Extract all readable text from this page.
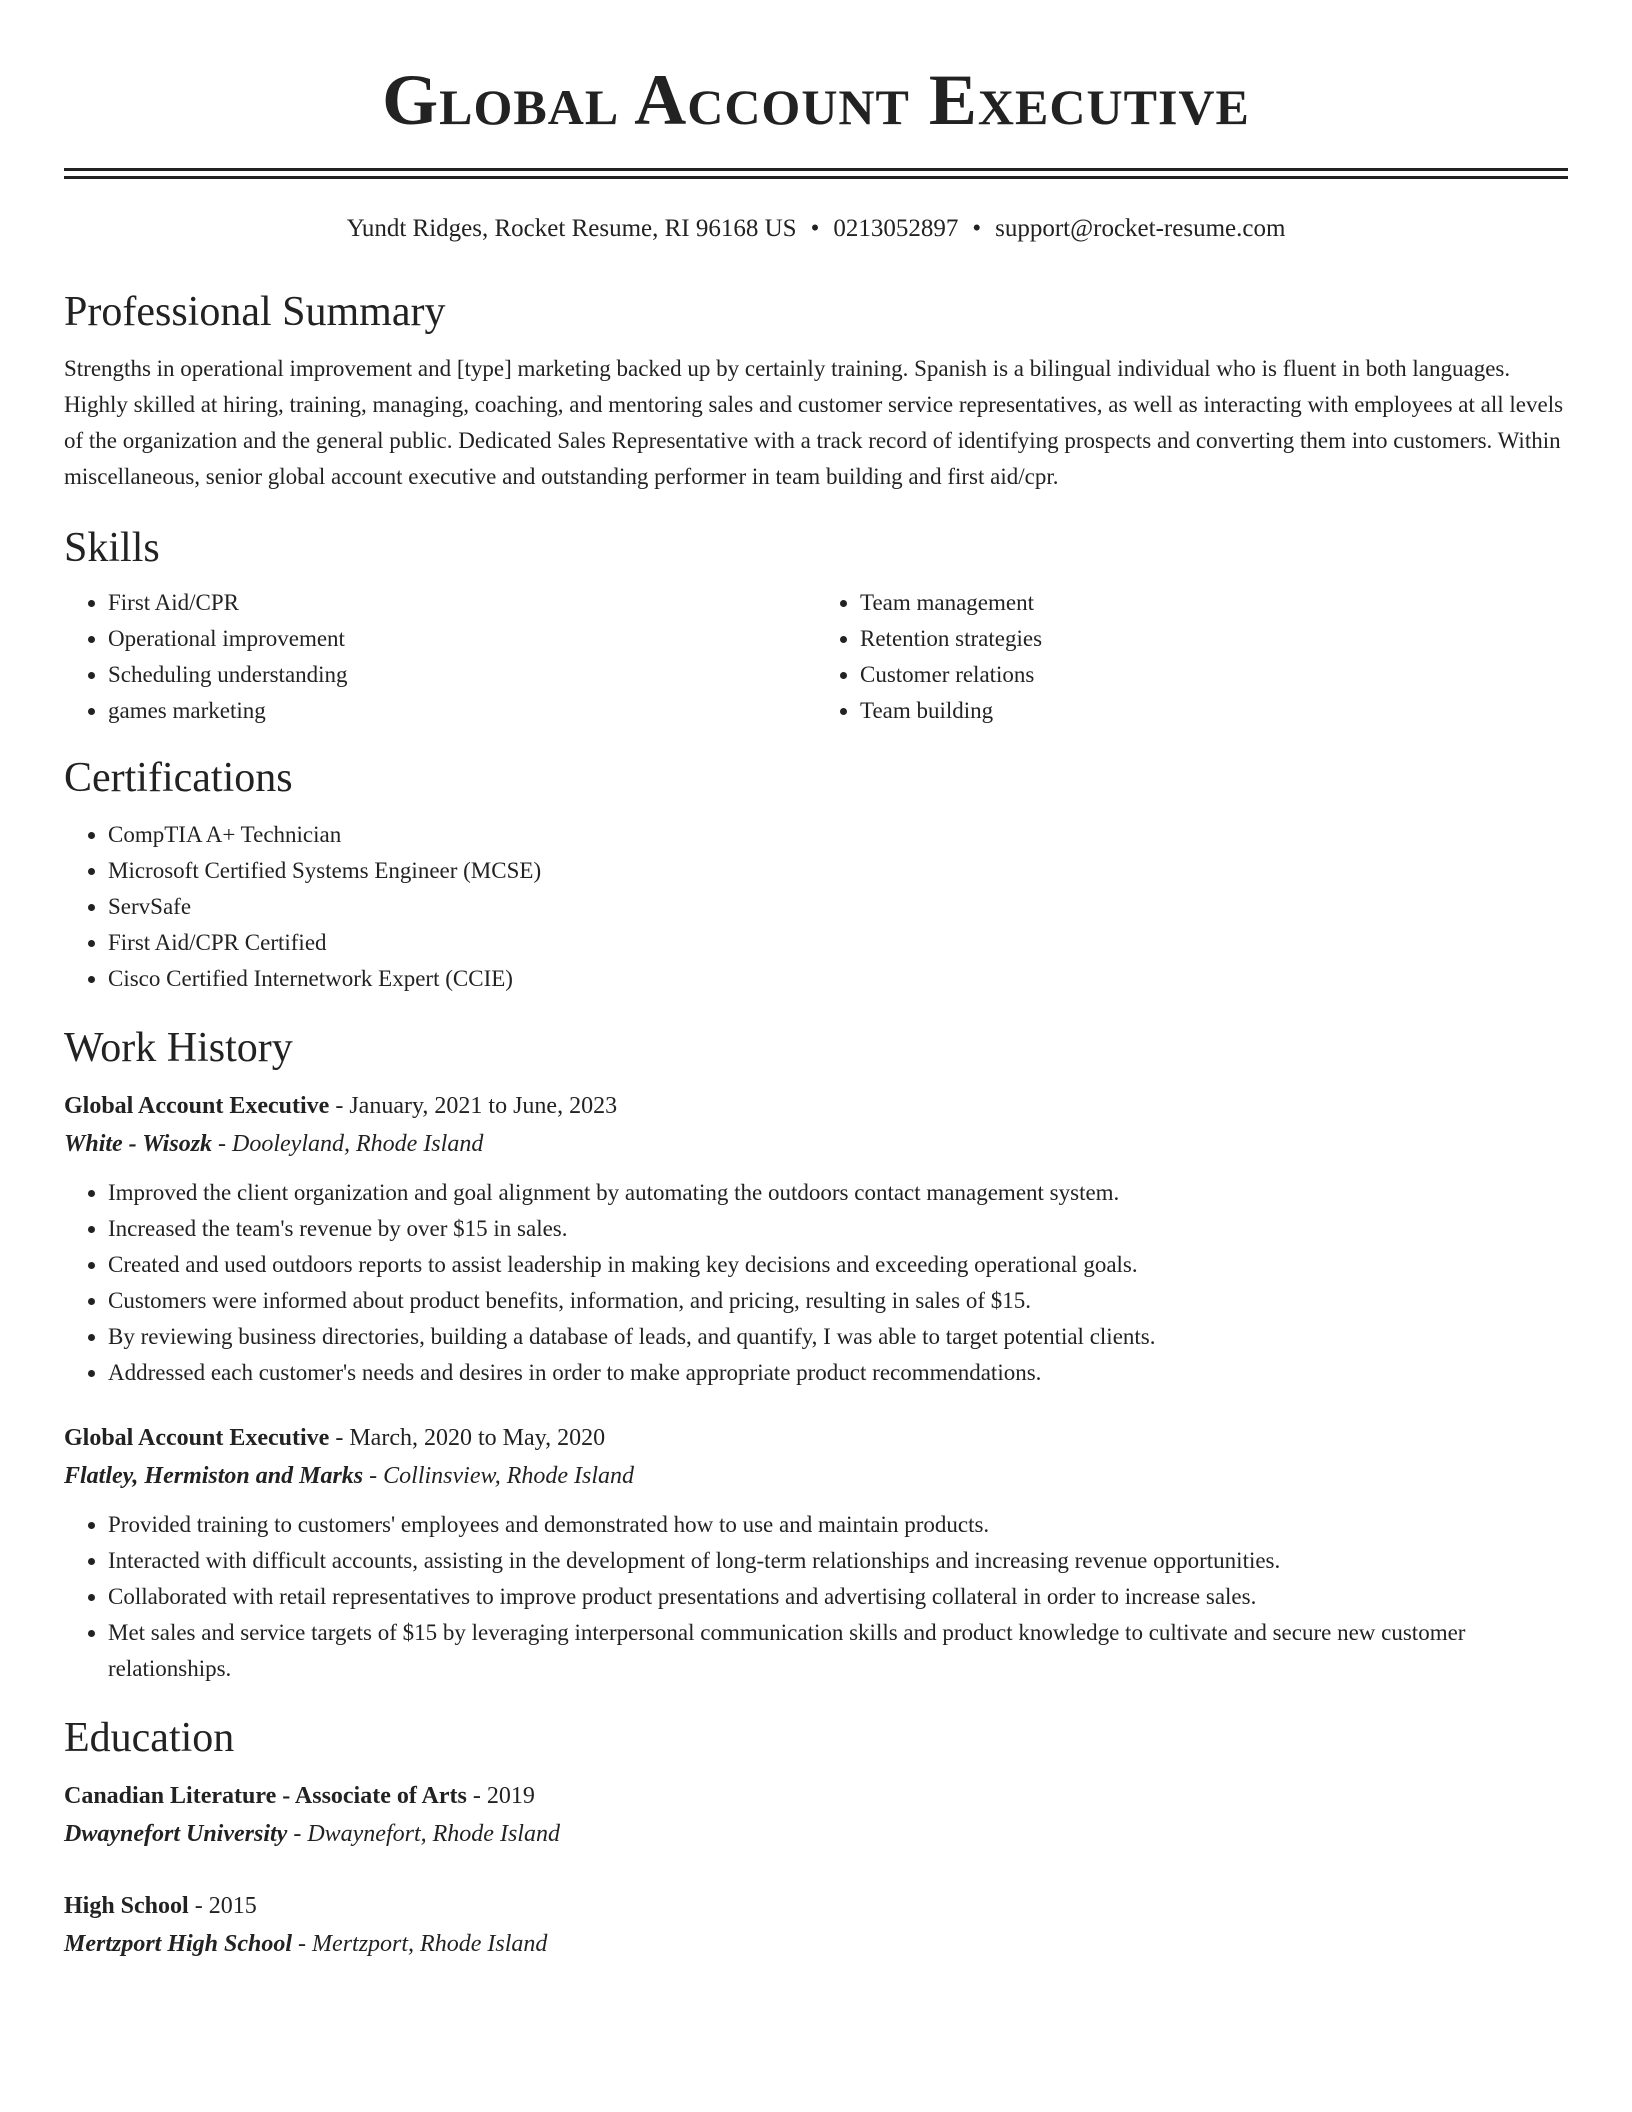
Global Account Executive
Yundt Ridges, Rocket Resume, RI 96168 US • 0213052897 • support@rocket-resume.com
Professional Summary
Strengths in operational improvement and [type] marketing backed up by certainly training. Spanish is a bilingual individual who is fluent in both languages. Highly skilled at hiring, training, managing, coaching, and mentoring sales and customer service representatives, as well as interacting with employees at all levels of the organization and the general public. Dedicated Sales Representative with a track record of identifying prospects and converting them into customers. Within miscellaneous, senior global account executive and outstanding performer in team building and first aid/cpr.
Skills
• First Aid/CPR
• Operational improvement
• Scheduling understanding
• games marketing
• Team management
• Retention strategies
• Customer relations
• Team building
Certifications
• CompTIA A+ Technician
• Microsoft Certified Systems Engineer (MCSE)
• ServSafe
• First Aid/CPR Certified
• Cisco Certified Internetwork Expert (CCIE)
Work History
Global Account Executive - January, 2021 to June, 2023
White - Wisozk - Dooleyland, Rhode Island
• Improved the client organization and goal alignment by automating the outdoors contact management system.
• Increased the team's revenue by over $15 in sales.
• Created and used outdoors reports to assist leadership in making key decisions and exceeding operational goals.
• Customers were informed about product benefits, information, and pricing, resulting in sales of $15.
• By reviewing business directories, building a database of leads, and quantify, I was able to target potential clients.
• Addressed each customer's needs and desires in order to make appropriate product recommendations.
Global Account Executive - March, 2020 to May, 2020
Flatley, Hermiston and Marks - Collinsview, Rhode Island
• Provided training to customers' employees and demonstrated how to use and maintain products.
• Interacted with difficult accounts, assisting in the development of long-term relationships and increasing revenue opportunities.
• Collaborated with retail representatives to improve product presentations and advertising collateral in order to increase sales.
• Met sales and service targets of $15 by leveraging interpersonal communication skills and product knowledge to cultivate and secure new customer relationships.
Education
Canadian Literature - Associate of Arts - 2019
Dwaynefort University - Dwaynefort, Rhode Island
High School - 2015
Mertzport High School - Mertzport, Rhode Island
